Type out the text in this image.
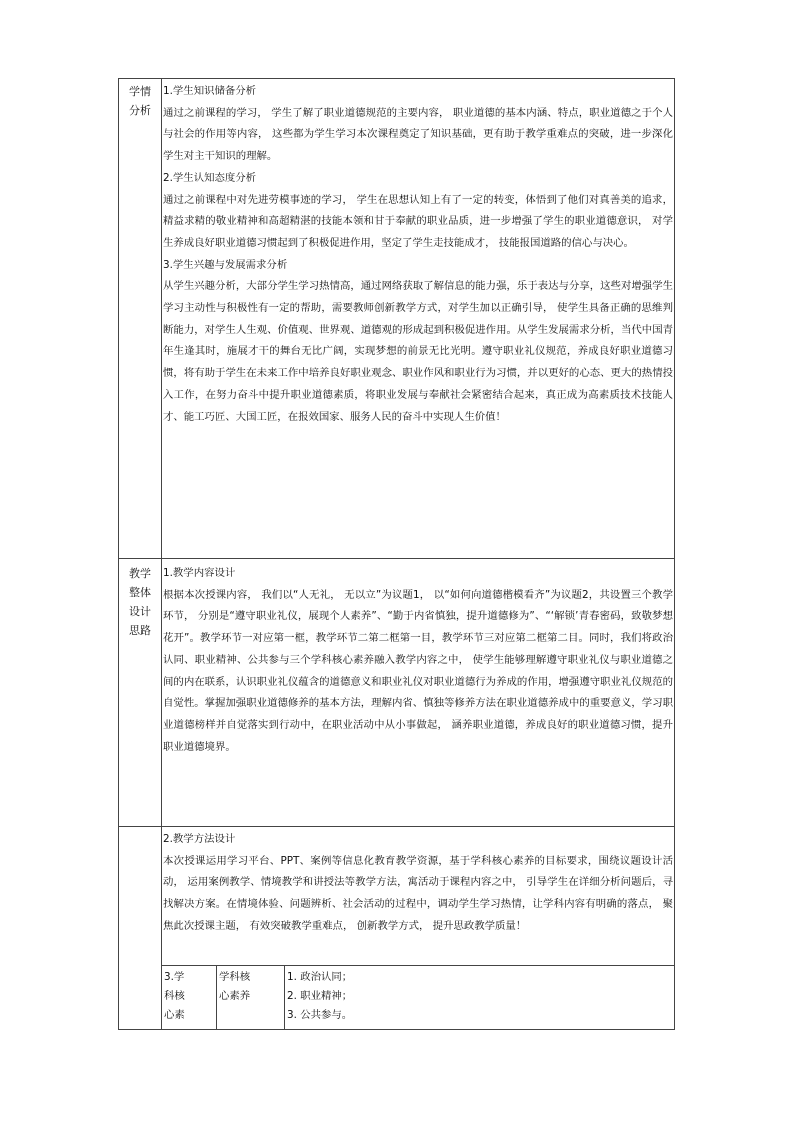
学情
分析
1.学生知识储备分析

通过之前课程的学习， 学生了解了职业道德规范的主要内容， 职业道德的基本内涵、特点，职业道德之于个人与社会的作用等内容， 这些都为学生学习本次课程奠定了知识基础，更有助于教学重难点的突破，进一步深化学生对主干知识的理解。

2.学生认知态度分析

通过之前课程中对先进劳模事迹的学习， 学生在思想认知上有了一定的转变，体悟到了他们对真善美的追求， 精益求精的敬业精神和高超精湛的技能本领和甘于奉献的职业品质，进一步增强了学生的职业道德意识， 对学生养成良好职业道德习惯起到了积极促进作用，坚定了学生走技能成才， 技能报国道路的信心与决心。

3.学生兴趣与发展需求分析

从学生兴趣分析，大部分学生学习热情高，通过网络获取了解信息的能力强，乐于表达与分享，这些对增强学生学习主动性与积极性有一定的帮助，需要教师创新教学方式，对学生加以正确引导， 使学生具备正确的思维判断能力，对学生人生观、价值观、世界观、道德观的形成起到积极促进作用。从学生发展需求分析，当代中国青年生逢其时，施展才干的舞台无比广阔，实现梦想的前景无比光明。遵守职业礼仪规范，养成良好职业道德习惯，将有助于学生在未来工作中培养良好职业观念、职业作风和职业行为习惯，并以更好的心态、更大的热情投入工作，在努力奋斗中提升职业道德素质，将职业发展与奉献社会紧密结合起来，真正成为高素质技术技能人才、能工巧匠、大国工匠，在报效国家、服务人民的奋斗中实现人生价值！

教学
整体
设计
思路
1.教学内容设计

根据本次授课内容， 我们以“人无礼， 无以立”为议题1， 以“如何向道德楷模看齐”为议题2，共设置三个教学环节， 分别是“遵守职业礼仪，展现个人素养”、“勤于内省慎独，提升道德修为”、“‘解锁’青春密码，致敬梦想花开”。教学环节一对应第一框，教学环节二第二框第一目，教学环节三对应第二框第二目。同时，我们将政治认同、职业精神、公共参与三个学科核心素养融入教学内容之中， 使学生能够理解遵守职业礼仪与职业道德之间的内在联系，认识职业礼仪蕴含的道德意义和职业礼仪对职业道德行为养成的作用，增强遵守职业礼仪规范的自觉性。掌握加强职业道德修养的基本方法，理解内省、慎独等修养方法在职业道德养成中的重要意义，学习职业道德榜样并自觉落实到行动中，在职业活动中从小事做起， 涵养职业道德，养成良好的职业道德习惯，提升职业道德境界。

2.教学方法设计

本次授课运用学习平台、PPT、案例等信息化教育教学资源，基于学科核心素养的目标要求，围绕议题设计活动， 运用案例教学、情境教学和讲授法等教学方法，寓活动于课程内容之中， 引导学生在详细分析问题后，寻找解决方案。在情境体验、问题辨析、社会活动的过程中，调动学生学习热情，让学科内容有明确的落点， 聚焦此次授课主题， 有效突破教学重难点， 创新教学方式， 提升思政教学质量！

3.学
科核
心素
学科核
心素养
1. 政治认同；
2. 职业精神；
3. 公共参与。
